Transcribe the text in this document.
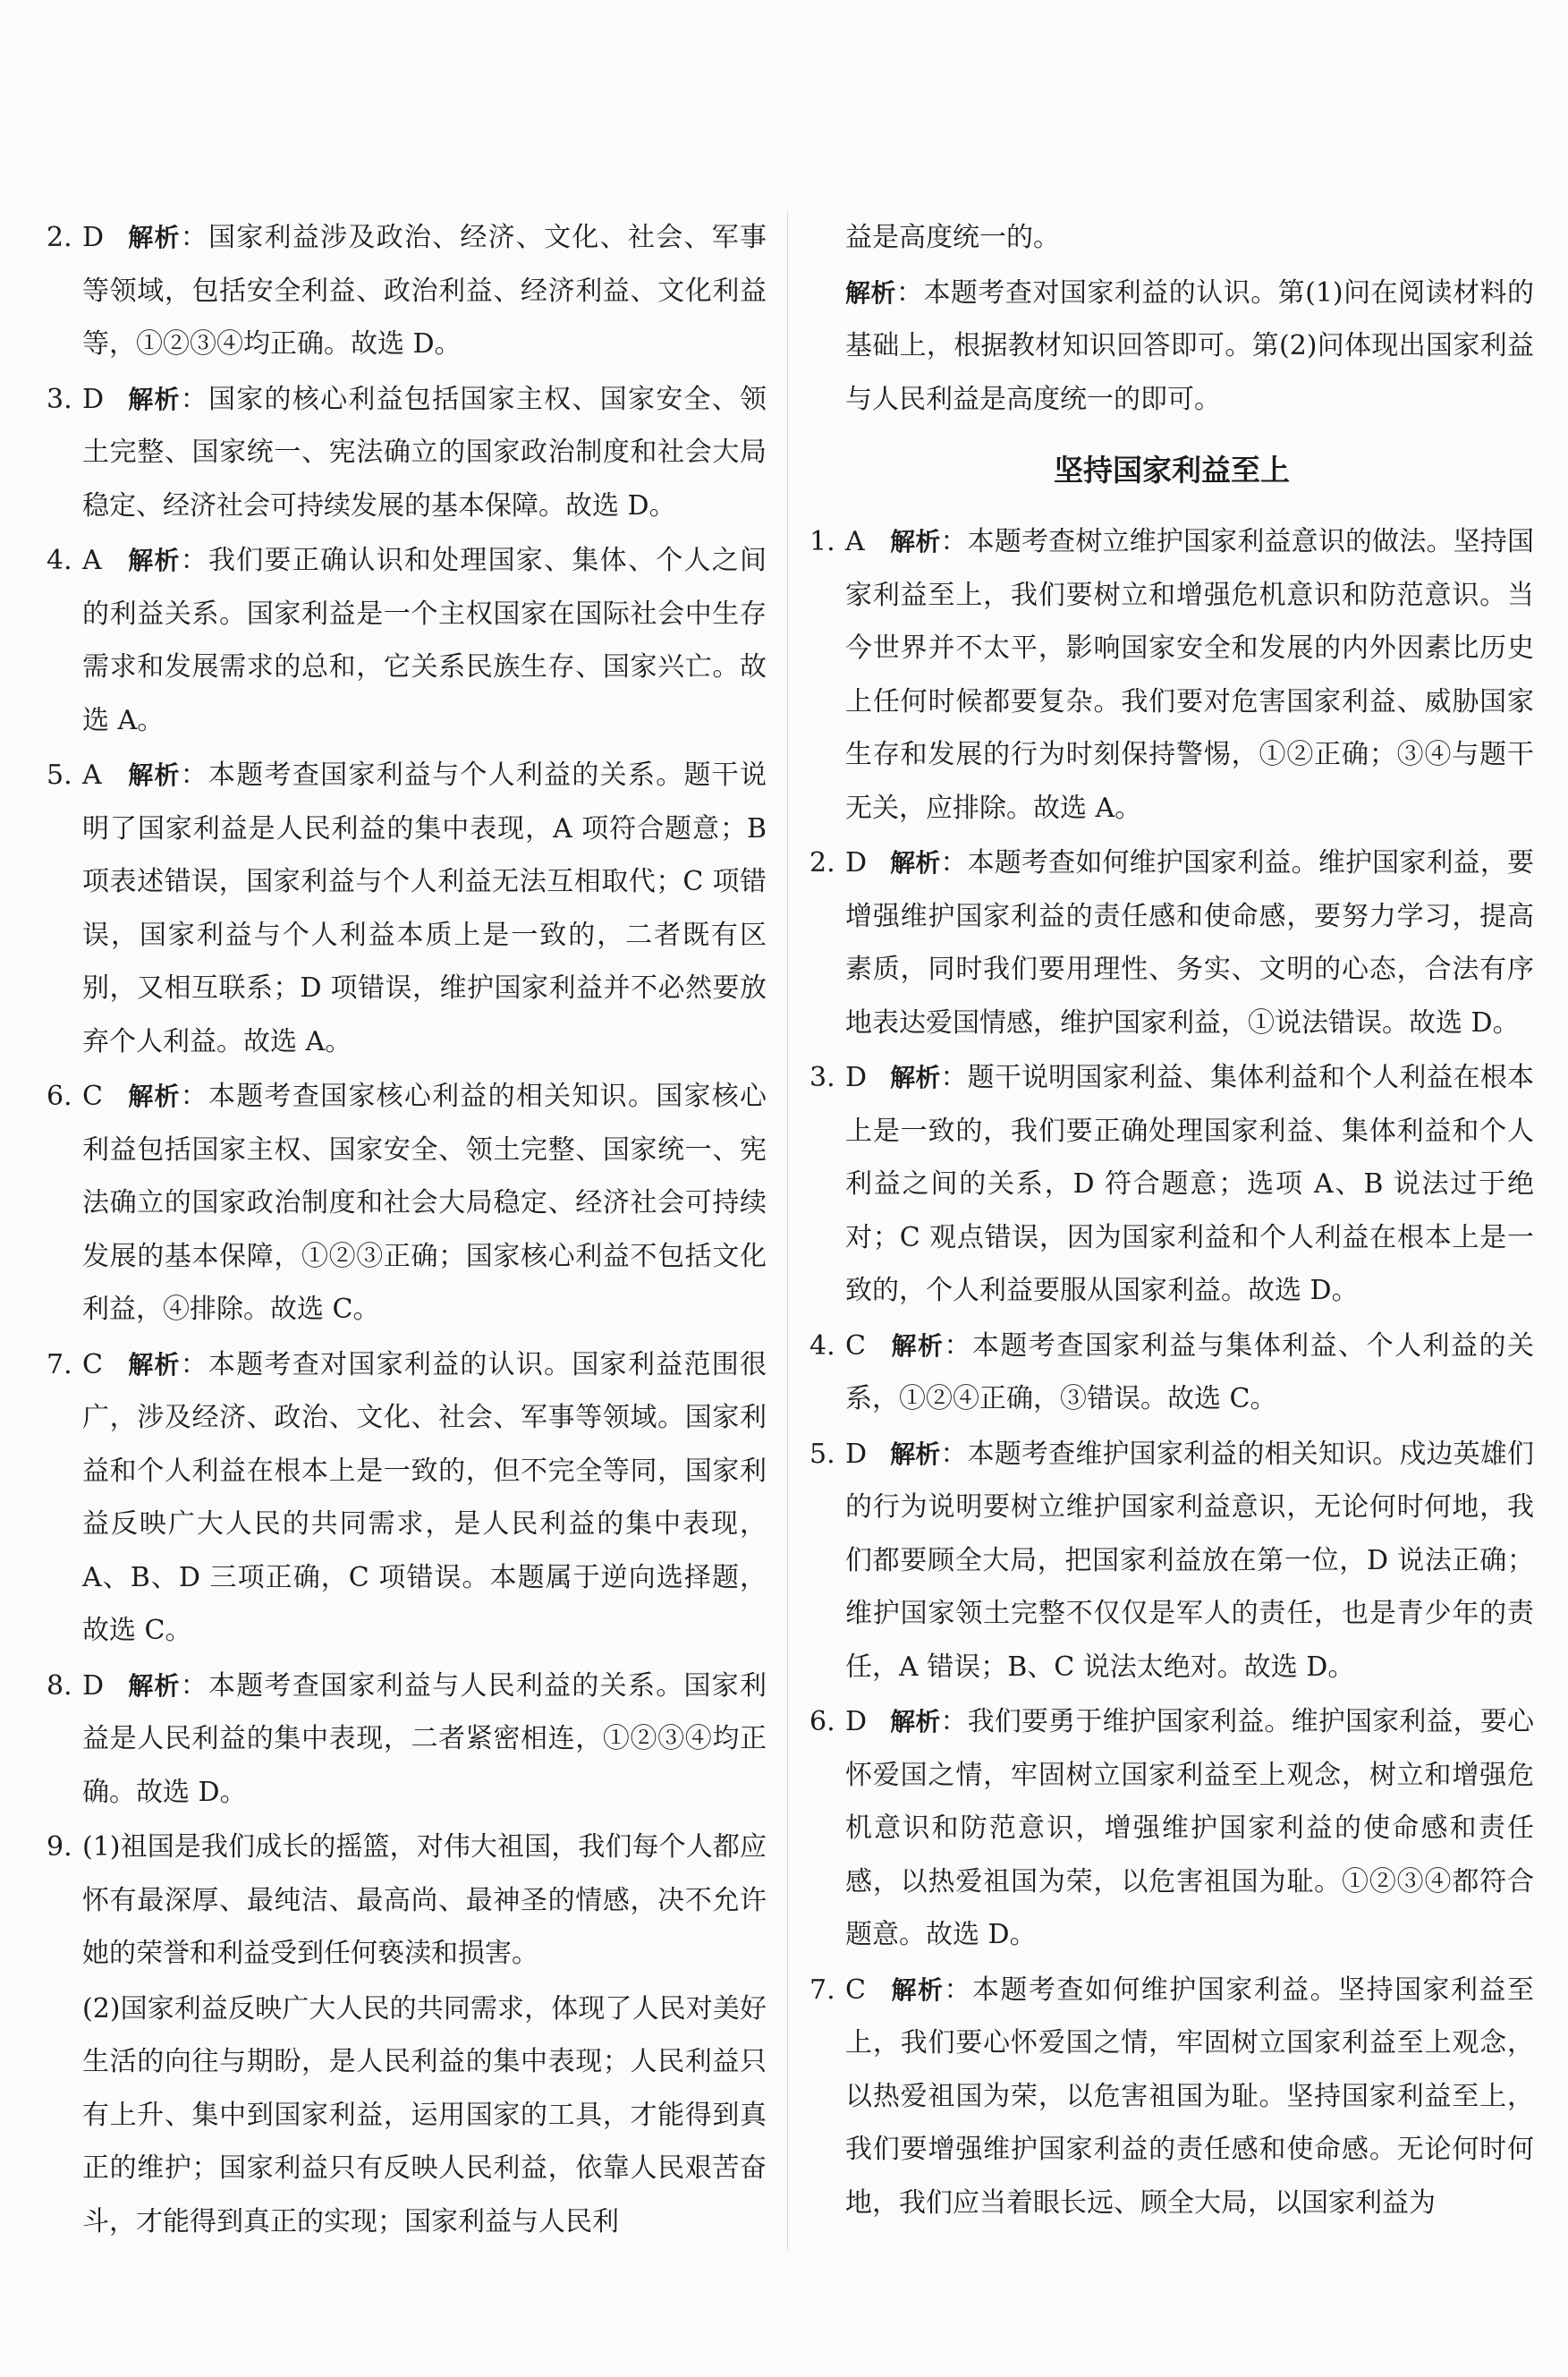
2. D 解析：国家利益涉及政治、经济、文化、社会、军事等领域，包括安全利益、政治利益、经济利益、文化利益等，①②③④均正确。故选 D。

3. D 解析：国家的核心利益包括国家主权、国家安全、领土完整、国家统一、宪法确立的国家政治制度和社会大局稳定、经济社会可持续发展的基本保障。故选 D。

4. A 解析：我们要正确认识和处理国家、集体、个人之间的利益关系。国家利益是一个主权国家在国际社会中生存需求和发展需求的总和，它关系民族生存、国家兴亡。故选 A。

5. A 解析：本题考查国家利益与个人利益的关系。题干说明了国家利益是人民利益的集中表现，A 项符合题意；B 项表述错误，国家利益与个人利益无法互相取代；C 项错误，国家利益与个人利益本质上是一致的，二者既有区别，又相互联系；D 项错误，维护国家利益并不必然要放弃个人利益。故选 A。

6. C 解析：本题考查国家核心利益的相关知识。国家核心利益包括国家主权、国家安全、领土完整、国家统一、宪法确立的国家政治制度和社会大局稳定、经济社会可持续发展的基本保障，①②③正确；国家核心利益不包括文化利益，④排除。故选 C。

7. C 解析：本题考查对国家利益的认识。国家利益范围很广，涉及经济、政治、文化、社会、军事等领域。国家利益和个人利益在根本上是一致的，但不完全等同，国家利益反映广大人民的共同需求，是人民利益的集中表现，A、B、D 三项正确，C 项错误。本题属于逆向选择题，故选 C。

8. D 解析：本题考查国家利益与人民利益的关系。国家利益是人民利益的集中表现，二者紧密相连，①②③④均正确。故选 D。

9. (1)祖国是我们成长的摇篮，对伟大祖国，我们每个人都应怀有最深厚、最纯洁、最高尚、最神圣的情感，决不允许她的荣誉和利益受到任何亵渎和损害。

(2)国家利益反映广大人民的共同需求，体现了人民对美好生活的向往与期盼，是人民利益的集中表现；人民利益只有上升、集中到国家利益，运用国家的工具，才能得到真正的维护；国家利益只有反映人民利益，依靠人民艰苦奋斗，才能得到真正的实现；国家利益与人民利

益是高度统一的。

解析：本题考查对国家利益的认识。第(1)问在阅读材料的基础上，根据教材知识回答即可。第(2)问体现出国家利益与人民利益是高度统一的即可。

坚持国家利益至上

1. A 解析：本题考查树立维护国家利益意识的做法。坚持国家利益至上，我们要树立和增强危机意识和防范意识。当今世界并不太平，影响国家安全和发展的内外因素比历史上任何时候都要复杂。我们要对危害国家利益、威胁国家生存和发展的行为时刻保持警惕，①②正确；③④与题干无关，应排除。故选 A。

2. D 解析：本题考查如何维护国家利益。维护国家利益，要增强维护国家利益的责任感和使命感，要努力学习，提高素质，同时我们要用理性、务实、文明的心态，合法有序地表达爱国情感，维护国家利益，①说法错误。故选 D。

3. D 解析：题干说明国家利益、集体利益和个人利益在根本上是一致的，我们要正确处理国家利益、集体利益和个人利益之间的关系，D 符合题意；选项 A、B 说法过于绝对；C 观点错误，因为国家利益和个人利益在根本上是一致的，个人利益要服从国家利益。故选 D。

4. C 解析：本题考查国家利益与集体利益、个人利益的关系，①②④正确，③错误。故选 C。

5. D 解析：本题考查维护国家利益的相关知识。戍边英雄们的行为说明要树立维护国家利益意识，无论何时何地，我们都要顾全大局，把国家利益放在第一位，D 说法正确；维护国家领土完整不仅仅是军人的责任，也是青少年的责任，A 错误；B、C 说法太绝对。故选 D。

6. D 解析：我们要勇于维护国家利益。维护国家利益，要心怀爱国之情，牢固树立国家利益至上观念，树立和增强危机意识和防范意识，增强维护国家利益的使命感和责任感，以热爱祖国为荣，以危害祖国为耻。①②③④都符合题意。故选 D。

7. C 解析：本题考查如何维护国家利益。坚持国家利益至上，我们要心怀爱国之情，牢固树立国家利益至上观念，以热爱祖国为荣，以危害祖国为耻。坚持国家利益至上，我们要增强维护国家利益的责任感和使命感。无论何时何地，我们应当着眼长远、顾全大局，以国家利益为
